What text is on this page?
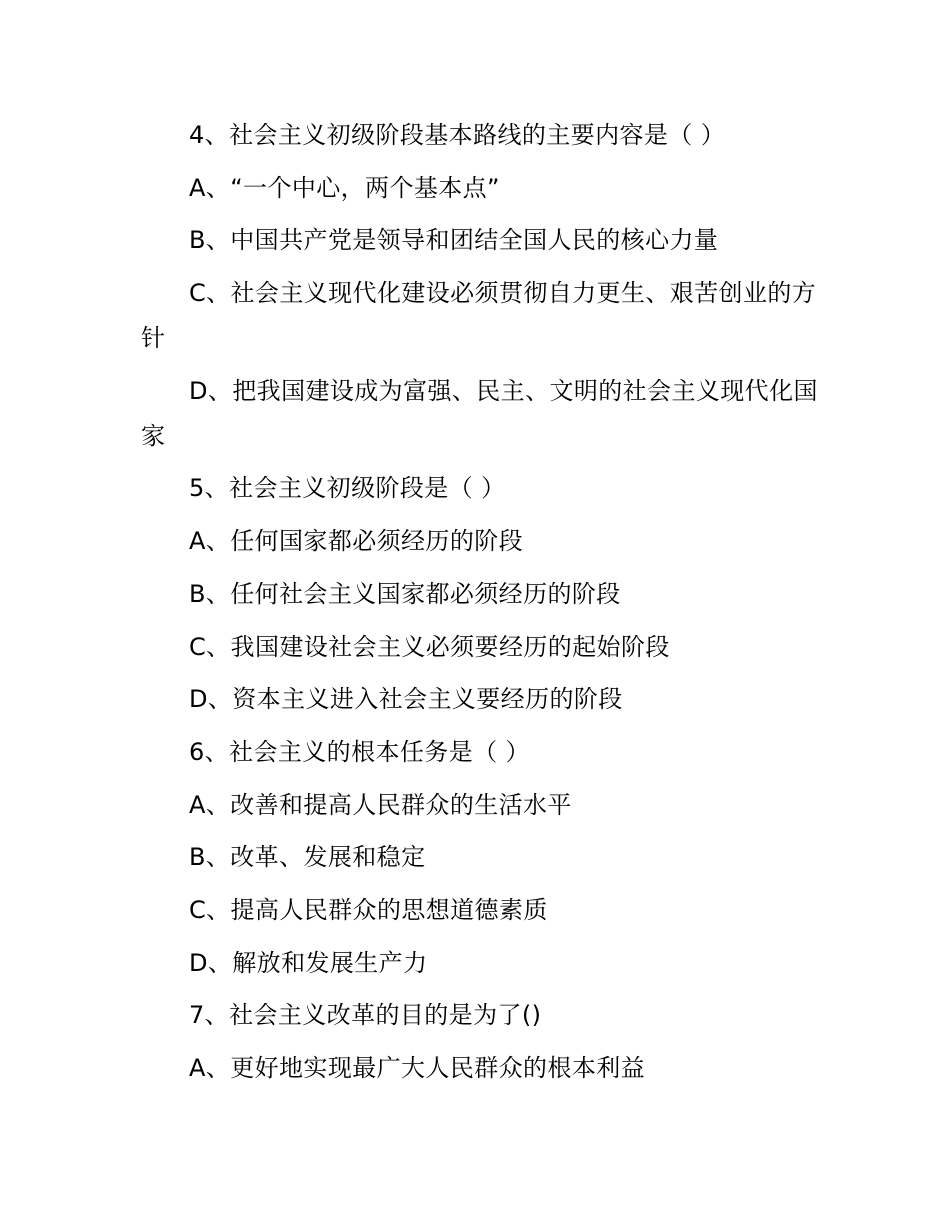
4、社会主义初级阶段基本路线的主要内容是（ ）

A、“一个中心，两个基本点”

B、中国共产党是领导和团结全国人民的核心力量

C、社会主义现代化建设必须贯彻自力更生、艰苦创业的方针

D、把我国建设成为富强、民主、文明的社会主义现代化国家

5、社会主义初级阶段是（ ）

A、任何国家都必须经历的阶段

B、任何社会主义国家都必须经历的阶段

C、我国建设社会主义必须要经历的起始阶段

D、资本主义进入社会主义要经历的阶段

6、社会主义的根本任务是（ ）

A、改善和提高人民群众的生活水平

B、改革、发展和稳定

C、提高人民群众的思想道德素质

D、解放和发展生产力

7、社会主义改革的目的是为了()

A、更好地实现最广大人民群众的根本利益
